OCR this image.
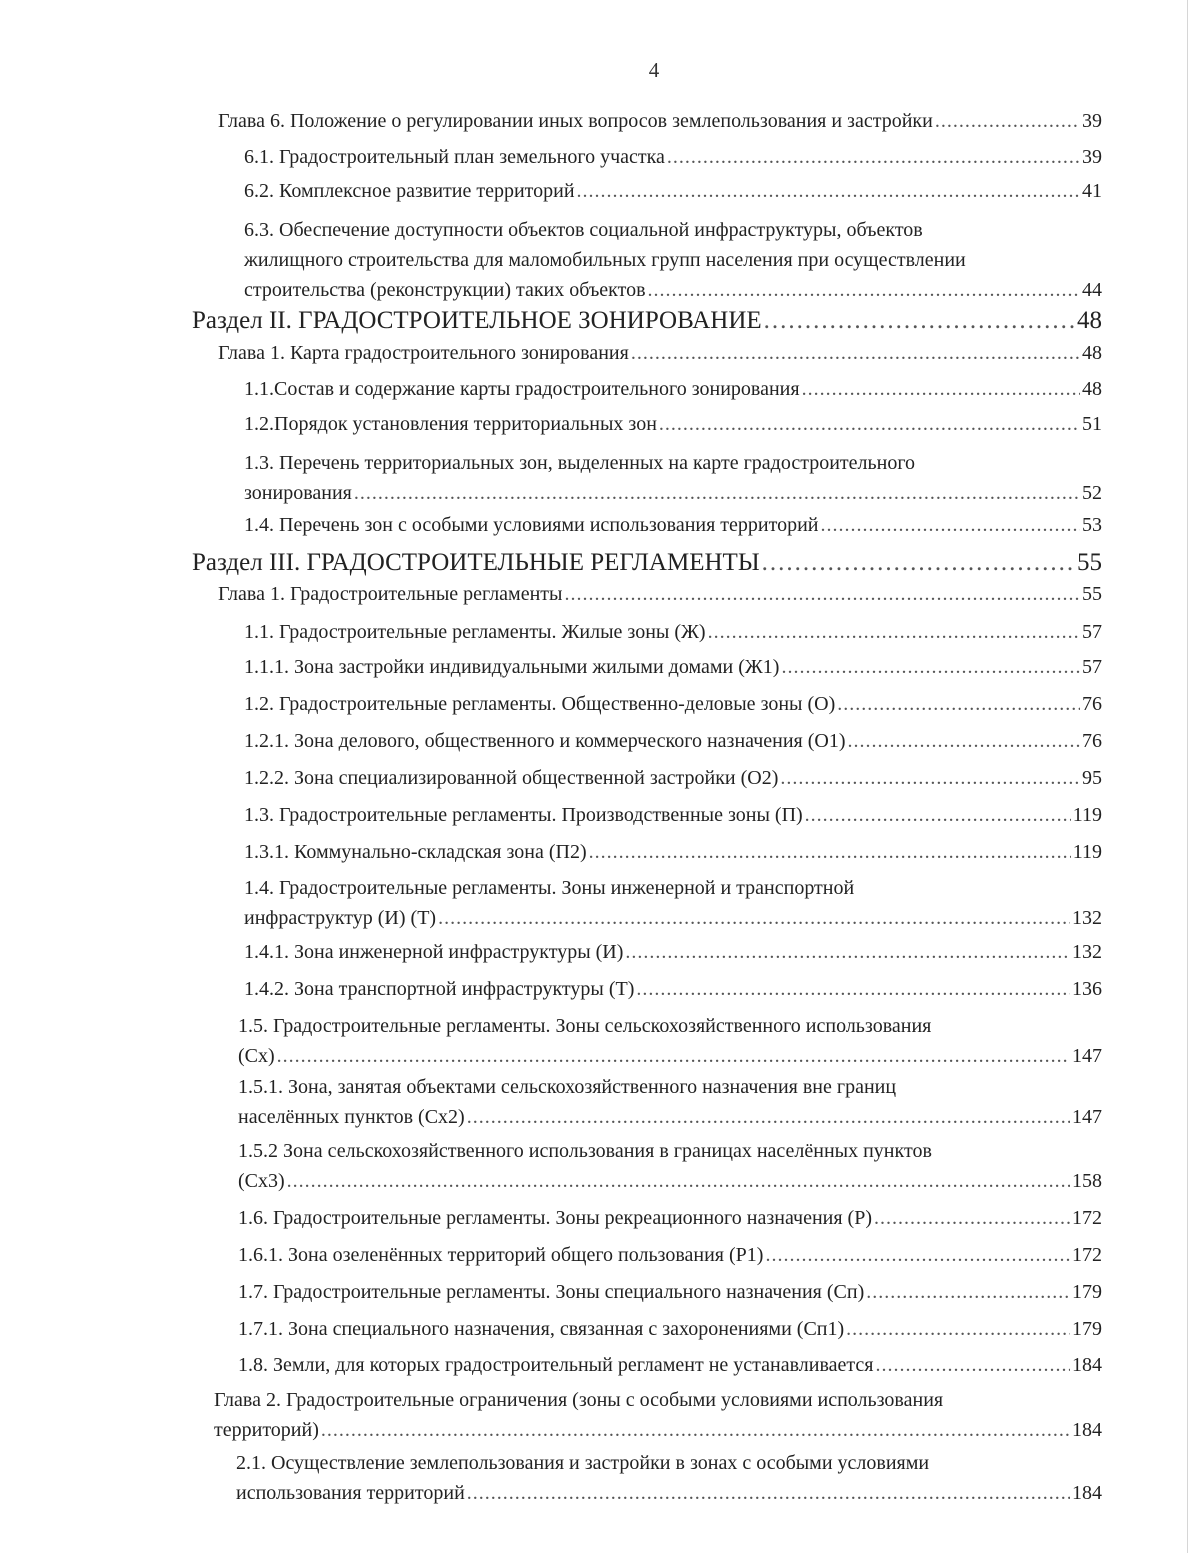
4
Глава 6. Положение о регулировании иных вопросов землепользования и застройки .....	39
6.1. Градостроительный план земельного участка .....	39
6.2. Комплексное развитие территорий .....	41
6.3. Обеспечение доступности объектов социальной инфраструктуры, объектов
жилищного строительства для маломобильных групп населения при осуществлении
строительства (реконструкции) таких объектов .....	44
Раздел II. ГРАДОСТРОИТЕЛЬНОЕ ЗОНИРОВАНИЕ .....	48
Глава 1. Карта градостроительного зонирования .....	48
1.1. Состав и содержание карты градостроительного зонирования .....	48
1.2. Порядок установления территориальных зон .....	51
1.3. Перечень территориальных зон, выделенных на карте градостроительного
зонирования .....	52
1.4. Перечень зон с особыми условиями использования территорий .....	53
Раздел III. ГРАДОСТРОИТЕЛЬНЫЕ РЕГЛАМЕНТЫ .....	55
Глава 1. Градостроительные регламенты .....	55
1.1. Градостроительные регламенты. Жилые зоны (Ж) .....	57
1.1.1. Зона застройки индивидуальными жилыми домами (Ж1) .....	57
1.2. Градостроительные регламенты. Общественно-деловые зоны (О) .....	76
1.2.1. Зона делового, общественного и коммерческого назначения (О1) .....	76
1.2.2. Зона специализированной общественной застройки (О2) .....	95
1.3. Градостроительные регламенты. Производственные зоны (П) .....	119
1.3.1. Коммунально-складская зона (П2) .....	119
1.4. Градостроительные регламенты. Зоны инженерной и транспортной
инфраструктур (И) (Т) .....	132
1.4.1. Зона инженерной инфраструктуры (И) .....	132
1.4.2. Зона транспортной инфраструктуры (Т) .....	136
1.5. Градостроительные регламенты. Зоны сельскохозяйственного использования
(Сх) .....	147
1.5.1. Зона, занятая объектами сельскохозяйственного назначения вне границ
населённых пунктов (Сх2) .....	147
1.5.2 Зона сельскохозяйственного использования в границах населённых пунктов
(Сх3) .....	158
1.6. Градостроительные регламенты. Зоны рекреационного назначения (Р) .....	172
1.6.1. Зона озеленённых территорий общего пользования (Р1) .....	172
1.7. Градостроительные регламенты. Зоны специального назначения (Сп) .....	179
1.7.1. Зона специального назначения, связанная с захоронениями (Сп1) .....	179
1.8. Земли, для которых градостроительный регламент не устанавливается .....	184
Глава 2. Градостроительные ограничения (зоны с особыми условиями использования
территорий) .....	184
2.1. Осуществление землепользования и застройки в зонах с особыми условиями
использования территорий .....	184
